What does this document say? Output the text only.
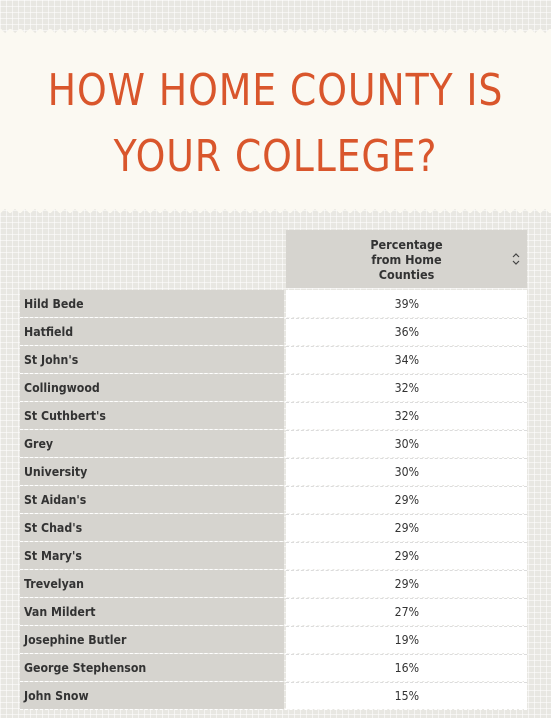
HOW HOME COUNTY IS
YOUR COLLEGE?
Percentage from Home Counties
Hild Bede	39%
Hatfield	36%
St John's	34%
Collingwood	32%
St Cuthbert's	32%
Grey	30%
University	30%
St Aidan's	29%
St Chad's	29%
St Mary's	29%
Trevelyan	29%
Van Mildert	27%
Josephine Butler	19%
George Stephenson	16%
John Snow	15%
